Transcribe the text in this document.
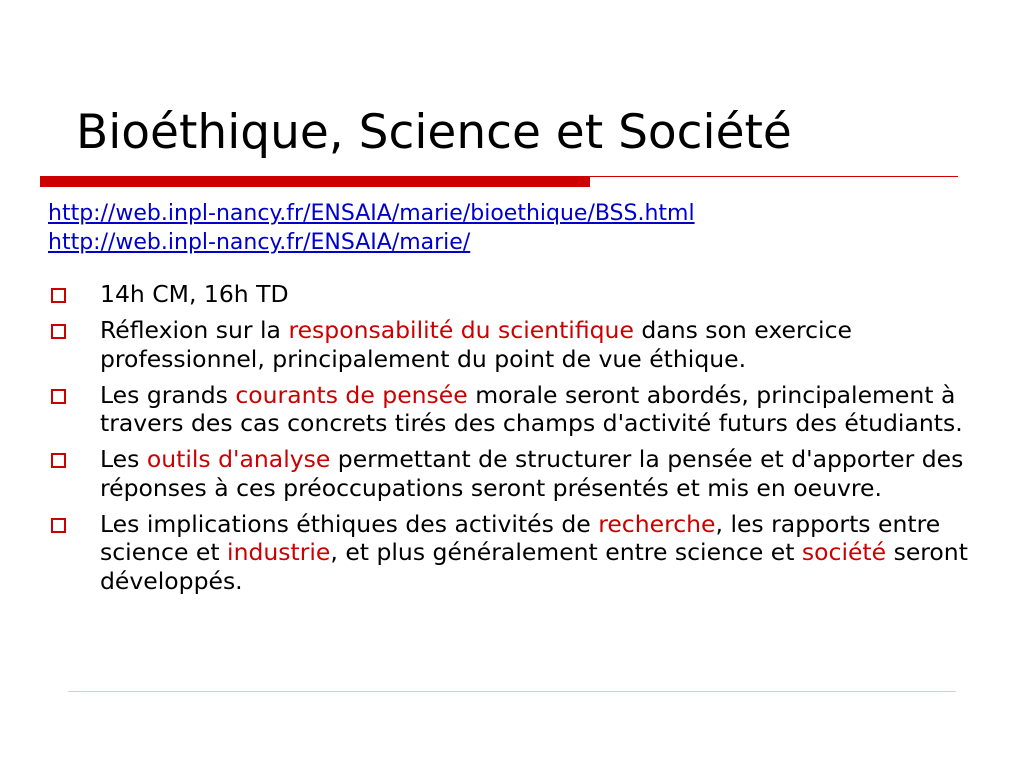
Bioéthique, Science et Société
http://web.inpl-nancy.fr/ENSAIA/marie/bioethique/BSS.html
http://web.inpl-nancy.fr/ENSAIA/marie/
14h CM, 16h TD
Réflexion sur la responsabilité du scientifique dans son exercice professionnel, principalement du point de vue éthique.
Les grands courants de pensée morale seront abordés, principalement à travers des cas concrets tirés des champs d'activité futurs des étudiants.
Les outils d'analyse permettant de structurer la pensée et d'apporter des réponses à ces préoccupations seront présentés et mis en oeuvre.
Les implications éthiques des activités de recherche, les rapports entre science et industrie, et plus généralement entre science et société seront développés.
